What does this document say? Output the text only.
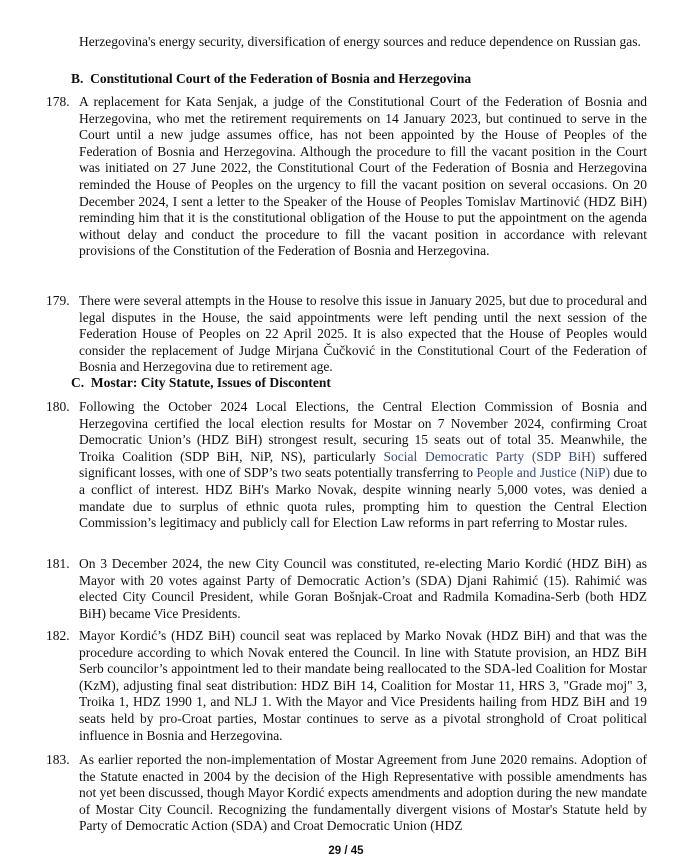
Herzegovina's energy security, diversification of energy sources and reduce dependence on Russian gas.
B.  Constitutional Court of the Federation of Bosnia and Herzegovina
178. A replacement for Kata Senjak, a judge of the Constitutional Court of the Federation of Bosnia and Herzegovina, who met the retirement requirements on 14 January 2023, but continued to serve in the Court until a new judge assumes office, has not been appointed by the House of Peoples of the Federation of Bosnia and Herzegovina. Although the procedure to fill the vacant position in the Court was initiated on 27 June 2022, the Constitutional Court of the Federation of Bosnia and Herzegovina reminded the House of Peoples on the urgency to fill the vacant position on several occasions. On 20 December 2024, I sent a letter to the Speaker of the House of Peoples Tomislav Martinović (HDZ BiH) reminding him that it is the constitutional obligation of the House to put the appointment on the agenda without delay and conduct the procedure to fill the vacant position in accordance with relevant provisions of the Constitution of the Federation of Bosnia and Herzegovina.
179. There were several attempts in the House to resolve this issue in January 2025, but due to procedural and legal disputes in the House, the said appointments were left pending until the next session of the Federation House of Peoples on 22 April 2025. It is also expected that the House of Peoples would consider the replacement of Judge Mirjana Čučković in the Constitutional Court of the Federation of Bosnia and Herzegovina due to retirement age.
C.  Mostar: City Statute, Issues of Discontent
180. Following the October 2024 Local Elections, the Central Election Commission of Bosnia and Herzegovina certified the local election results for Mostar on 7 November 2024, confirming Croat Democratic Union’s (HDZ BiH) strongest result, securing 15 seats out of total 35. Meanwhile, the Troika Coalition (SDP BiH, NiP, NS), particularly Social Democratic Party (SDP BiH) suffered significant losses, with one of SDP’s two seats potentially transferring to People and Justice (NiP) due to a conflict of interest. HDZ BiH's Marko Novak, despite winning nearly 5,000 votes, was denied a mandate due to surplus of ethnic quota rules, prompting him to question the Central Election Commission’s legitimacy and publicly call for Election Law reforms in part referring to Mostar rules.
181. On 3 December 2024, the new City Council was constituted, re-electing Mario Kordić (HDZ BiH) as Mayor with 20 votes against Party of Democratic Action’s (SDA) Djani Rahimić (15). Rahimić was elected City Council President, while Goran Bošnjak-Croat and Radmila Komadina-Serb (both HDZ BiH) became Vice Presidents.
182. Mayor Kordić’s (HDZ BiH) council seat was replaced by Marko Novak (HDZ BiH) and that was the procedure according to which Novak entered the Council. In line with Statute provision, an HDZ BiH Serb councilor’s appointment led to their mandate being reallocated to the SDA-led Coalition for Mostar (KzM), adjusting final seat distribution: HDZ BiH 14, Coalition for Mostar 11, HRS 3, "Grade moj" 3, Troika 1, HDZ 1990 1, and NLJ 1. With the Mayor and Vice Presidents hailing from HDZ BiH and 19 seats held by pro-Croat parties, Mostar continues to serve as a pivotal stronghold of Croat political influence in Bosnia and Herzegovina.
183. As earlier reported the non-implementation of Mostar Agreement from June 2020 remains. Adoption of the Statute enacted in 2004 by the decision of the High Representative with possible amendments has not yet been discussed, though Mayor Kordić expects amendments and adoption during the new mandate of Mostar City Council. Recognizing the fundamentally divergent visions of Mostar's Statute held by Party of Democratic Action (SDA) and Croat Democratic Union (HDZ
29 / 45
